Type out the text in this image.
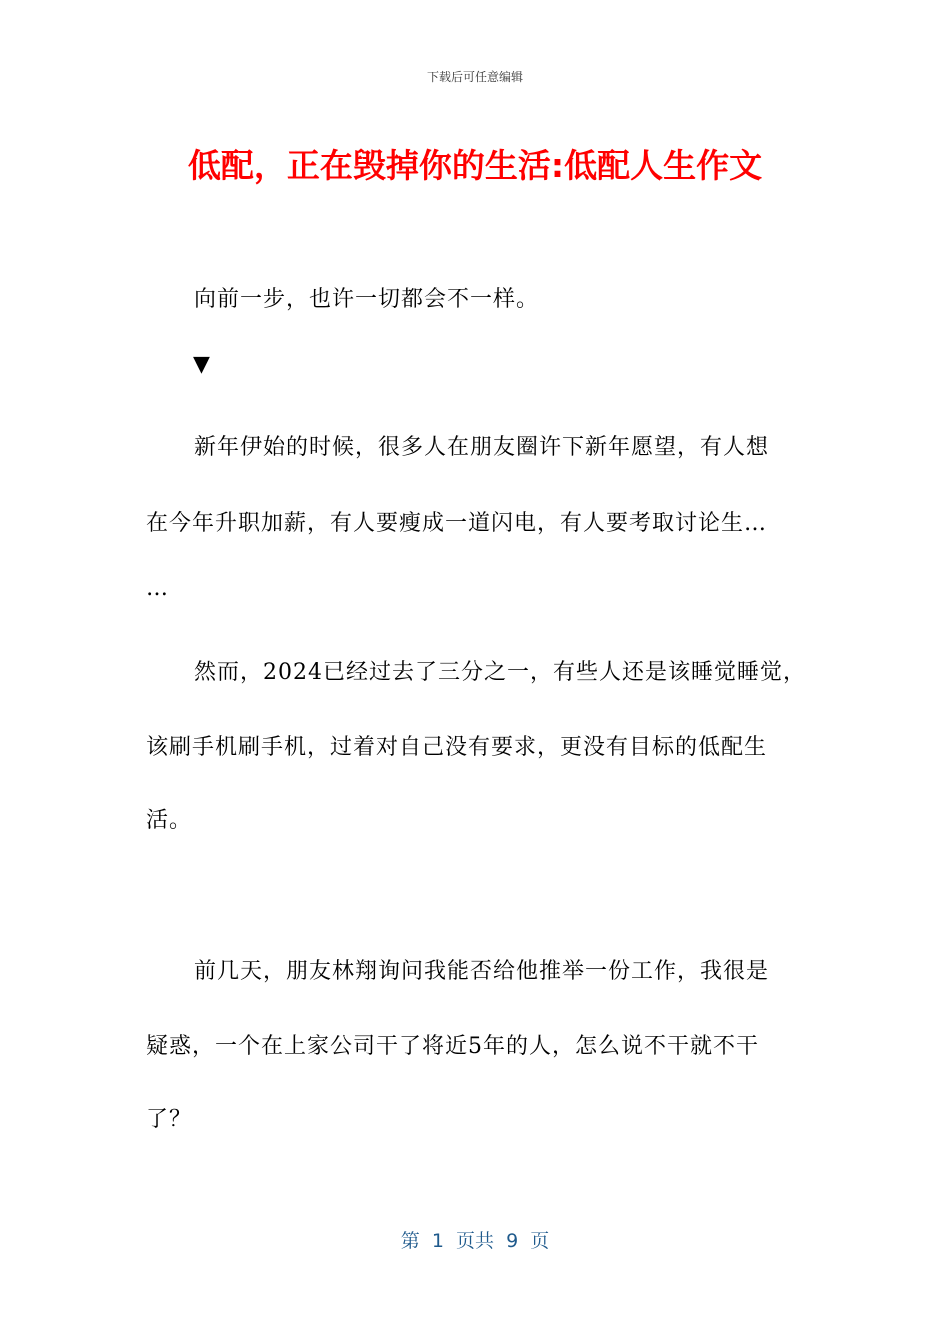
下载后可任意编辑
低配，正在毁掉你的生活:低配人生作文
向前一步，也许一切都会不一样。
▼
新年伊始的时候，很多人在朋友圈许下新年愿望，有人想
在今年升职加薪，有人要瘦成一道闪电，有人要考取讨论生…
…
然而，2024已经过去了三分之一，有些人还是该睡觉睡觉，
该刷手机刷手机，过着对自己没有要求，更没有目标的低配生
活。
前几天，朋友林翔询问我能否给他推举一份工作，我很是
疑惑，一个在上家公司干了将近5年的人，怎么说不干就不干
了？
第  1  页共  9  页
